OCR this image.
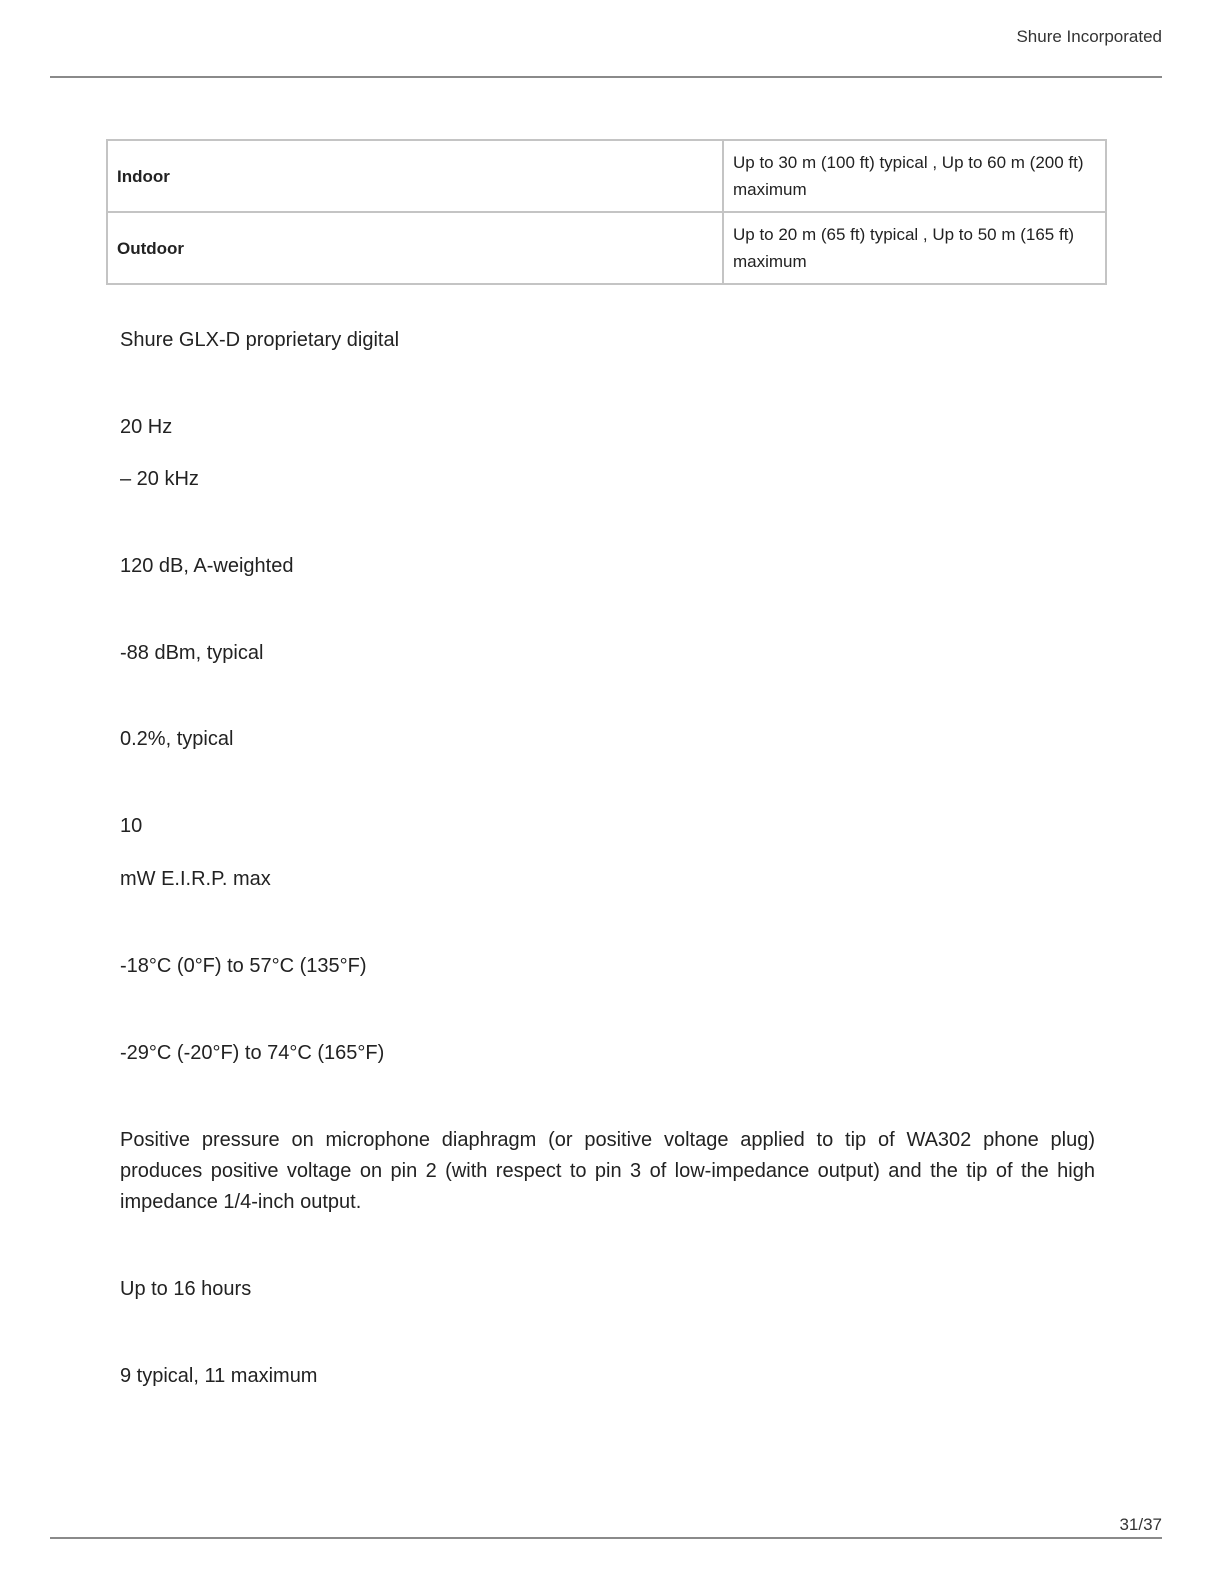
Shure Incorporated
Indoor	Up to 30 m (100 ft) typical , Up to 60 m (200 ft) maximum
Outdoor	Up to 20 m (65 ft) typical , Up to 50 m (165 ft) maximum

Shure GLX-D proprietary digital

20 Hz

– 20 kHz

120 dB, A-weighted

-88 dBm, typical

0.2%, typical

10

mW E.I.R.P. max

-18°C (0°F) to 57°C (135°F)

-29°C (-20°F) to 74°C (165°F)

Positive pressure on microphone diaphragm (or positive voltage applied to tip of WA302 phone plug) produces positive voltage on pin 2 (with respect to pin 3 of low-impedance output) and the tip of the high impedance 1/4-inch output.

Up to 16 hours

9 typical, 11 maximum

31/37
